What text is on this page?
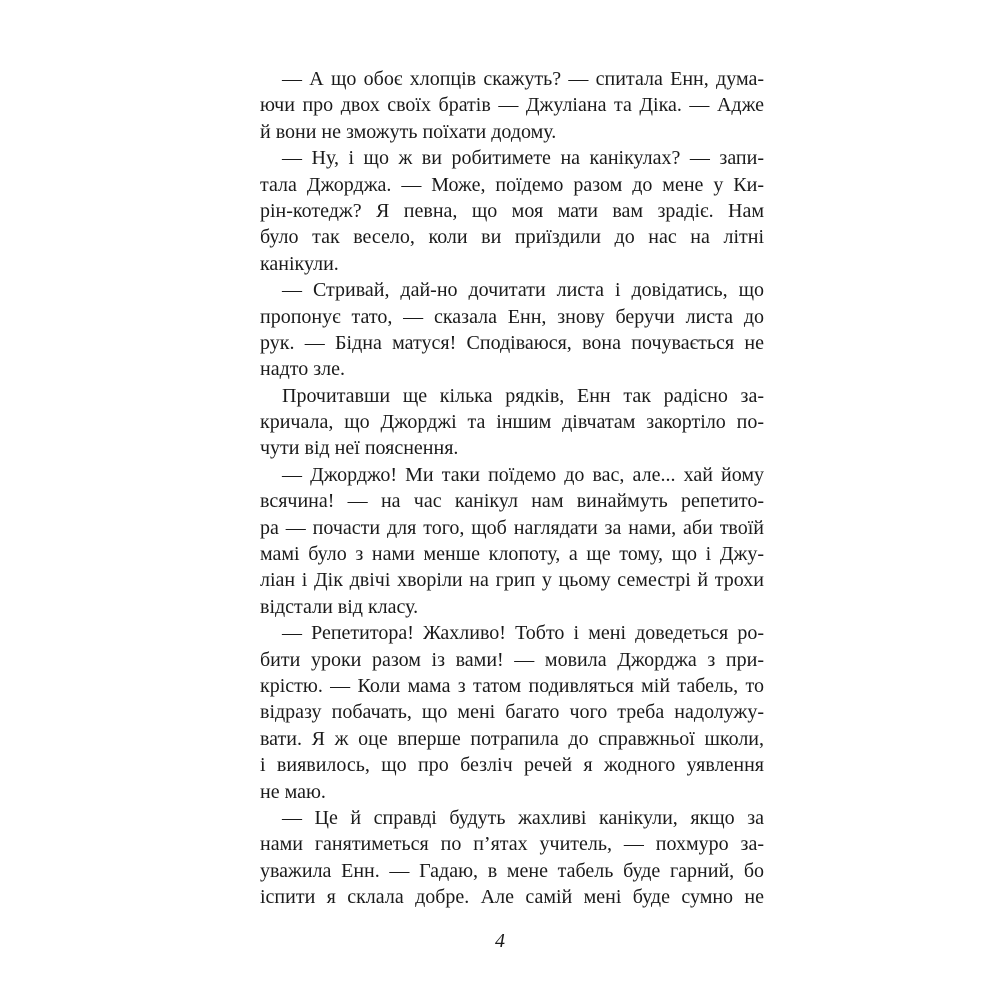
— А що обоє хлопців скажуть? — спитала Енн, дума-
ючи про двох своїх братів — Джуліана та Діка. — Адже
й вони не зможуть поїхати додому.

— Ну, і що ж ви робитимете на канікулах? — запи-
тала Джорджа. — Може, поїдемо разом до мене у Ки-
рін-котедж? Я певна, що моя мати вам зрадіє. Нам
було так весело, коли ви приїздили до нас на літні
канікули.

— Стривай, дай-но дочитати листа і довідатись, що
пропонує тато, — сказала Енн, знову беручи листа до
рук. — Бідна матуся! Сподіваюся, вона почувається не
надто зле.

Прочитавши ще кілька рядків, Енн так радісно за-
кричала, що Джорджі та іншим дівчатам закортіло по-
чути від неї пояснення.

— Джорджо! Ми таки поїдемо до вас, але... хай йому
всячина! — на час канікул нам винаймуть репетито-
ра — почасти для того, щоб наглядати за нами, аби твоїй
мамі було з нами менше клопоту, а ще тому, що і Джу-
ліан і Дік двічі хворіли на грип у цьому семестрі й трохи
відстали від класу.

— Репетитора! Жахливо! Тобто і мені доведеться ро-
бити уроки разом із вами! — мовила Джорджа з при-
крістю. — Коли мама з татом подивляться мій табель, то
відразу побачать, що мені багато чого треба надолужу-
вати. Я ж оце вперше потрапила до справжньої школи,
і виявилось, що про безліч речей я жодного уявлення
не маю.

— Це й справді будуть жахливі канікули, якщо за
нами ганятиметься по п’ятах учитель, — похмуро за-
уважила Енн. — Гадаю, в мене табель буде гарний, бо
іспити я склала добре. Але самій мені буде сумно не

4
